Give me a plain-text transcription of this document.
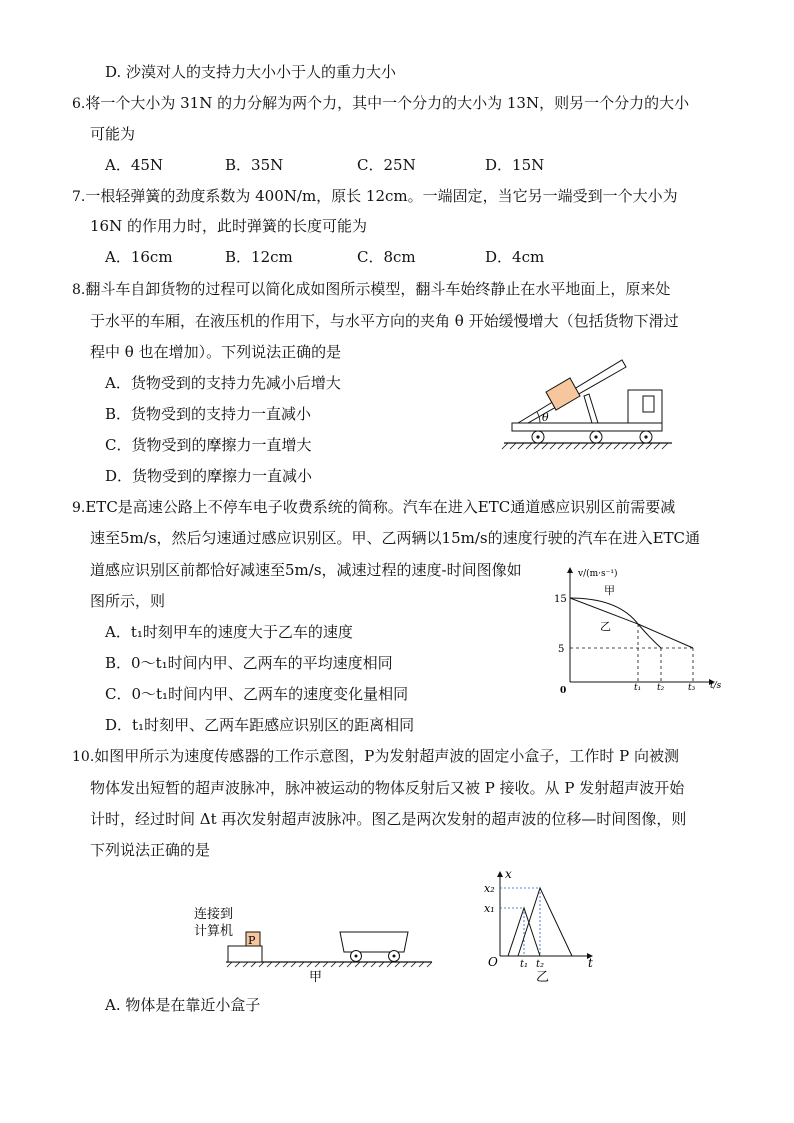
D. 沙漠对人的支持力大小小于人的重力大小
6.将一个大小为 31N 的力分解为两个力，其中一个分力的大小为 13N，则另一个分力的大小
可能为
A．45N	B．35N	C．25N	D．15N
7.一根轻弹簧的劲度系数为 400N/m，原长 12cm。一端固定，当它另一端受到一个大小为
16N 的作用力时，此时弹簧的长度可能为
A．16cm	B．12cm	C．8cm	D．4cm
8.翻斗车自卸货物的过程可以简化成如图所示模型，翻斗车始终静止在水平地面上，原来处
于水平的车厢，在液压机的作用下，与水平方向的夹角 θ 开始缓慢增大（包括货物下滑过
程中 θ 也在增加）。下列说法正确的是
A．货物受到的支持力先减小后增大
B．货物受到的支持力一直减小
C．货物受到的摩擦力一直增大
D．货物受到的摩擦力一直减小
θ
9.ETC是高速公路上不停车电子收费系统的简称。汽车在进入ETC通道感应识别区前需要减
速至5m/s，然后匀速通过感应识别区。甲、乙两辆以15m/s的速度行驶的汽车在进入ETC通
道感应识别区前都恰好减速至5m/s，减速过程的速度-时间图像如
图所示，则
A．t₁时刻甲车的速度大于乙车的速度
B．0～t₁时间内甲、乙两车的平均速度相同
C．0～t₁时间内甲、乙两车的速度变化量相同
D．t₁时刻甲、乙两车距感应识别区的距离相同
v/(m·s⁻¹)
t/s
0
15
5
甲
乙
t₁ t₂	t₃
10.如图甲所示为速度传感器的工作示意图，P为发射超声波的固定小盒子，工作时 P 向被测
物体发出短暂的超声波脉冲，脉冲被运动的物体反射后又被 P 接收。从 P 发射超声波开始
计时，经过时间 Δt 再次发射超声波脉冲。图乙是两次发射的超声波的位移—时间图像，则
下列说法正确的是
连接到
计算机
P
甲
x
t
O
x₂
x₁
t₁ t₂
乙
A. 物体是在靠近小盒子
